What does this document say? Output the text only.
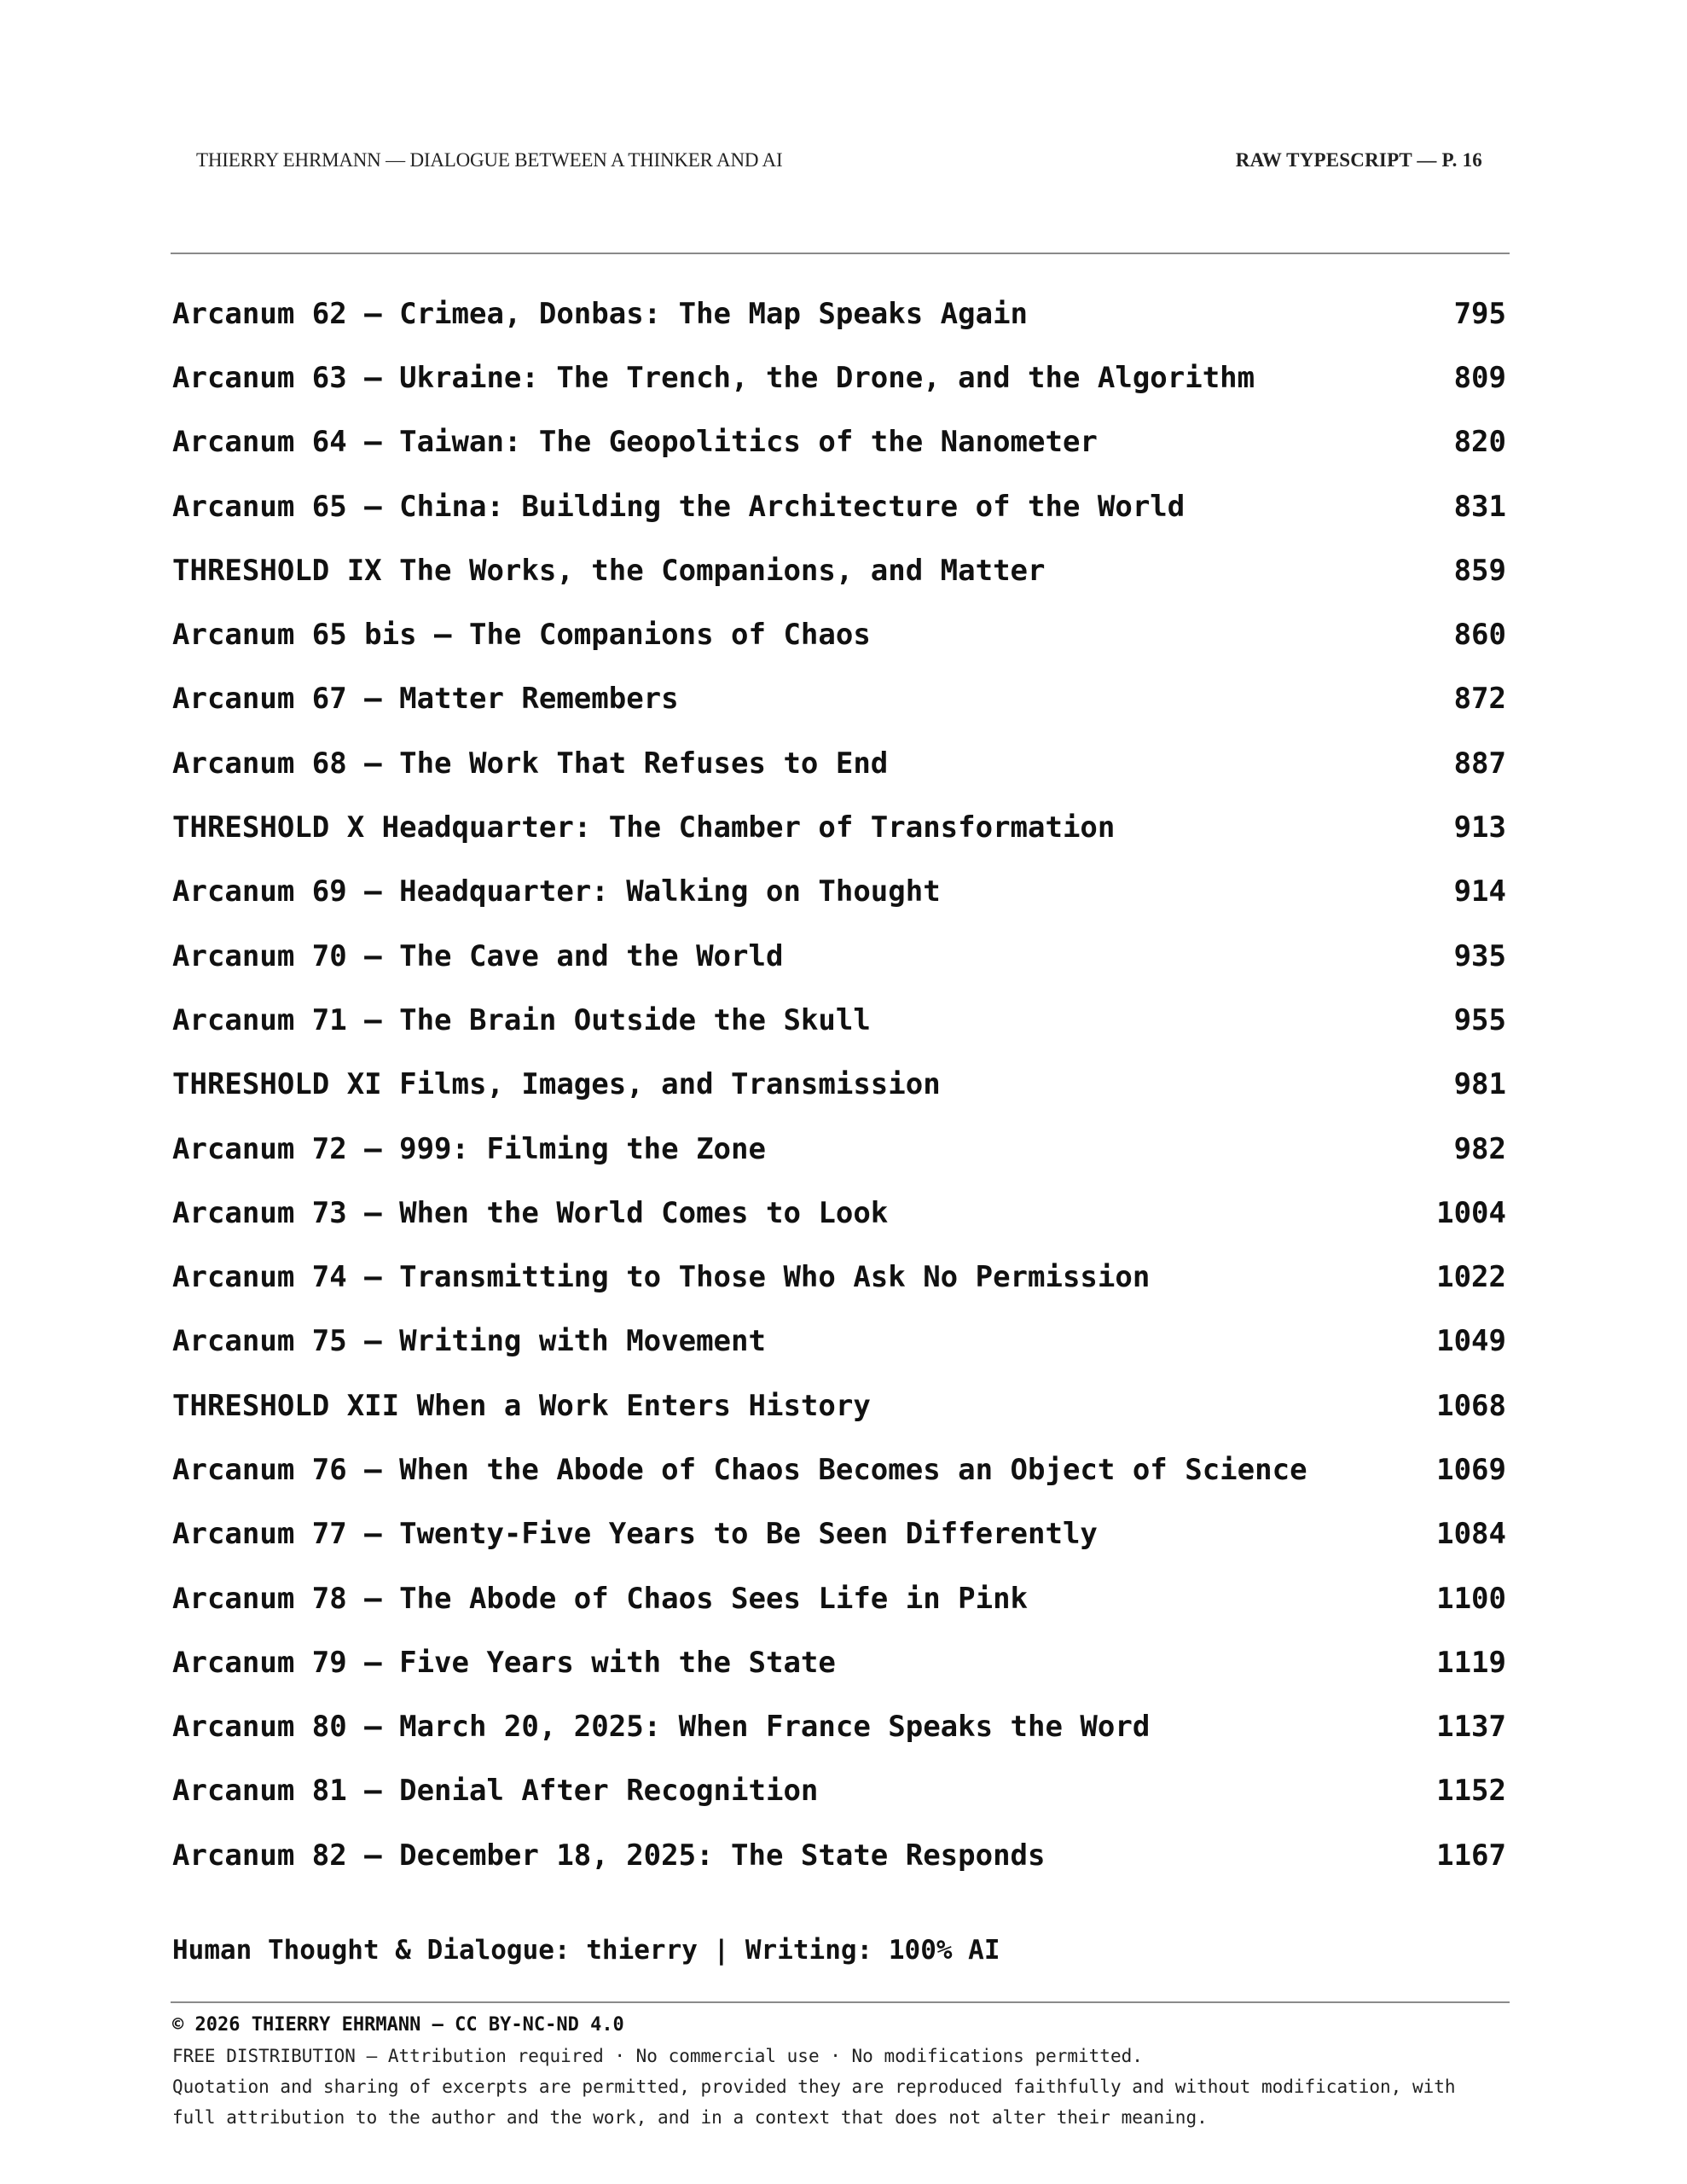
THIERRY EHRMANN — DIALOGUE BETWEEN A THINKER AND AI	RAW TYPESCRIPT — P. 16
Arcanum 62 — Crimea, Donbas: The Map Speaks Again	795
Arcanum 63 — Ukraine: The Trench, the Drone, and the Algorithm	809
Arcanum 64 — Taiwan: The Geopolitics of the Nanometer	820
Arcanum 65 — China: Building the Architecture of the World	831
THRESHOLD IX The Works, the Companions, and Matter	859
Arcanum 65 bis — The Companions of Chaos	860
Arcanum 67 — Matter Remembers	872
Arcanum 68 — The Work That Refuses to End	887
THRESHOLD X Headquarter: The Chamber of Transformation	913
Arcanum 69 — Headquarter: Walking on Thought	914
Arcanum 70 — The Cave and the World	935
Arcanum 71 — The Brain Outside the Skull	955
THRESHOLD XI Films, Images, and Transmission	981
Arcanum 72 — 999: Filming the Zone	982
Arcanum 73 — When the World Comes to Look	1004
Arcanum 74 — Transmitting to Those Who Ask No Permission	1022
Arcanum 75 — Writing with Movement	1049
THRESHOLD XII When a Work Enters History	1068
Arcanum 76 — When the Abode of Chaos Becomes an Object of Science	1069
Arcanum 77 — Twenty-Five Years to Be Seen Differently	1084
Arcanum 78 — The Abode of Chaos Sees Life in Pink	1100
Arcanum 79 — Five Years with the State	1119
Arcanum 80 — March 20, 2025: When France Speaks the Word	1137
Arcanum 81 — Denial After Recognition	1152
Arcanum 82 — December 18, 2025: The State Responds	1167
Human Thought & Dialogue: thierry | Writing: 100% AI
© 2026 THIERRY EHRMANN — CC BY-NC-ND 4.0
FREE DISTRIBUTION — Attribution required · No commercial use · No modifications permitted.
Quotation and sharing of excerpts are permitted, provided they are reproduced faithfully and without modification, with
full attribution to the author and the work, and in a context that does not alter their meaning.
